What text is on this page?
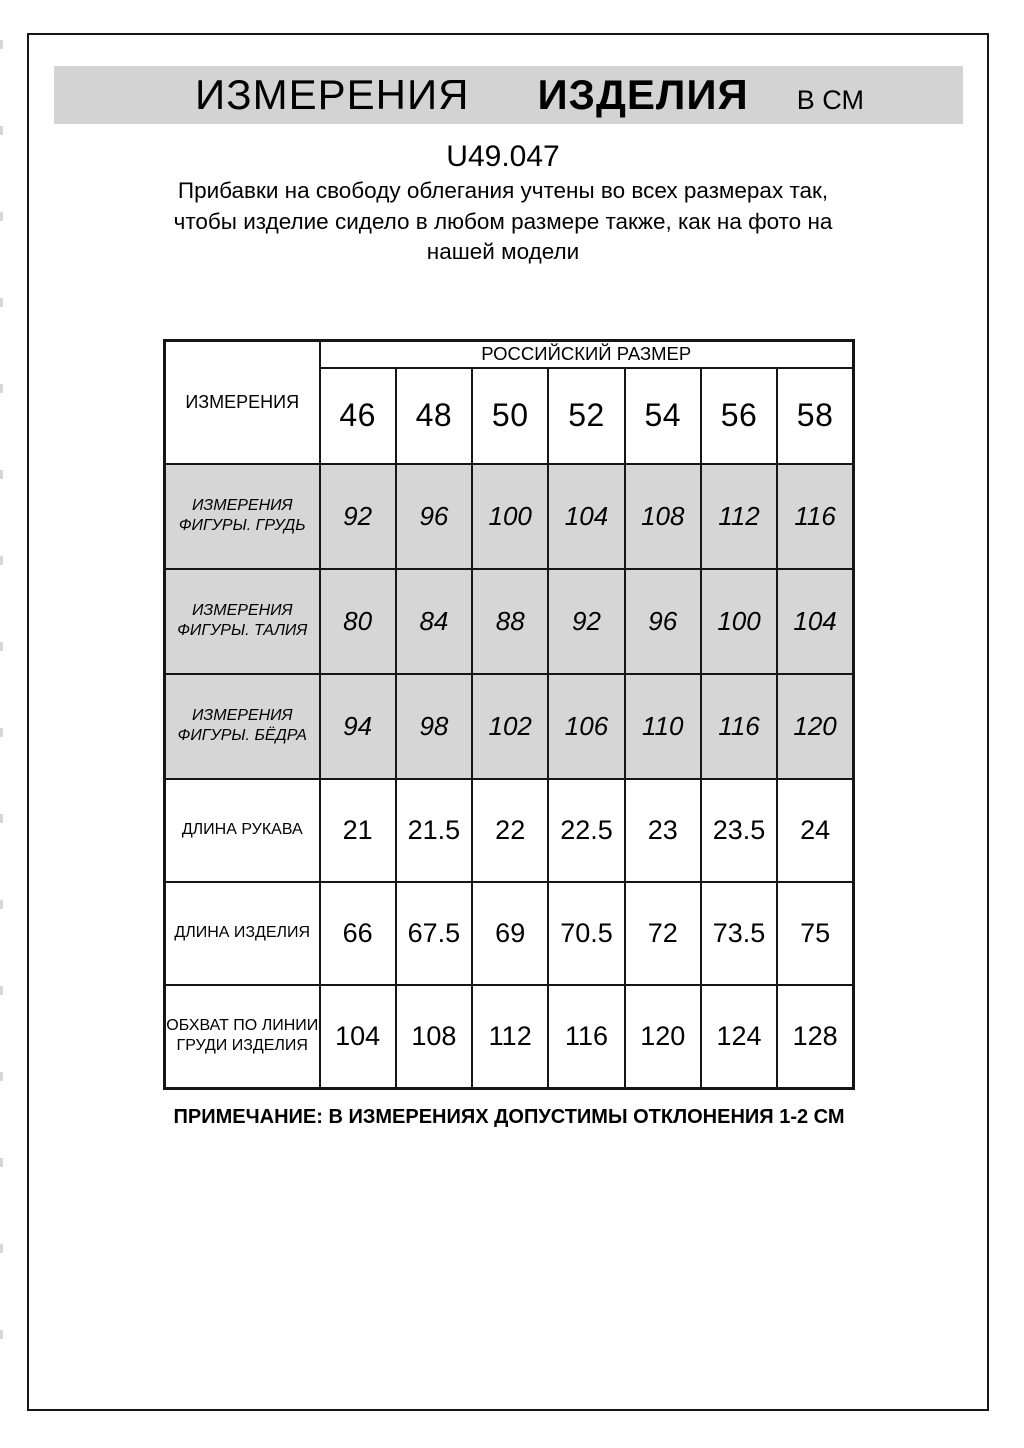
ИЗМЕРЕНИЯ ИЗДЕЛИЯ В СМ
U49.047
Прибавки на свободу облегания учтены во всех размерах так,
чтобы изделие сидело в любом размере также, как на фото на
нашей модели
ИЗМЕРЕНИЯ	РОССИЙСКИЙ РАЗМЕР						
	46	48	50	52	54	56	58
ИЗМЕРЕНИЯ ФИГУРЫ. ГРУДЬ	92	96	100	104	108	112	116
ИЗМЕРЕНИЯ ФИГУРЫ. ТАЛИЯ	80	84	88	92	96	100	104
ИЗМЕРЕНИЯ ФИГУРЫ. БЁДРА	94	98	102	106	110	116	120
ДЛИНА РУКАВА	21	21.5	22	22.5	23	23.5	24
ДЛИНА ИЗДЕЛИЯ	66	67.5	69	70.5	72	73.5	75
ОБХВАТ ПО ЛИНИИ ГРУДИ ИЗДЕЛИЯ	104	108	112	116	120	124	128
ПРИМЕЧАНИЕ: В ИЗМЕРЕНИЯХ ДОПУСТИМЫ ОТКЛОНЕНИЯ 1-2 СМ
